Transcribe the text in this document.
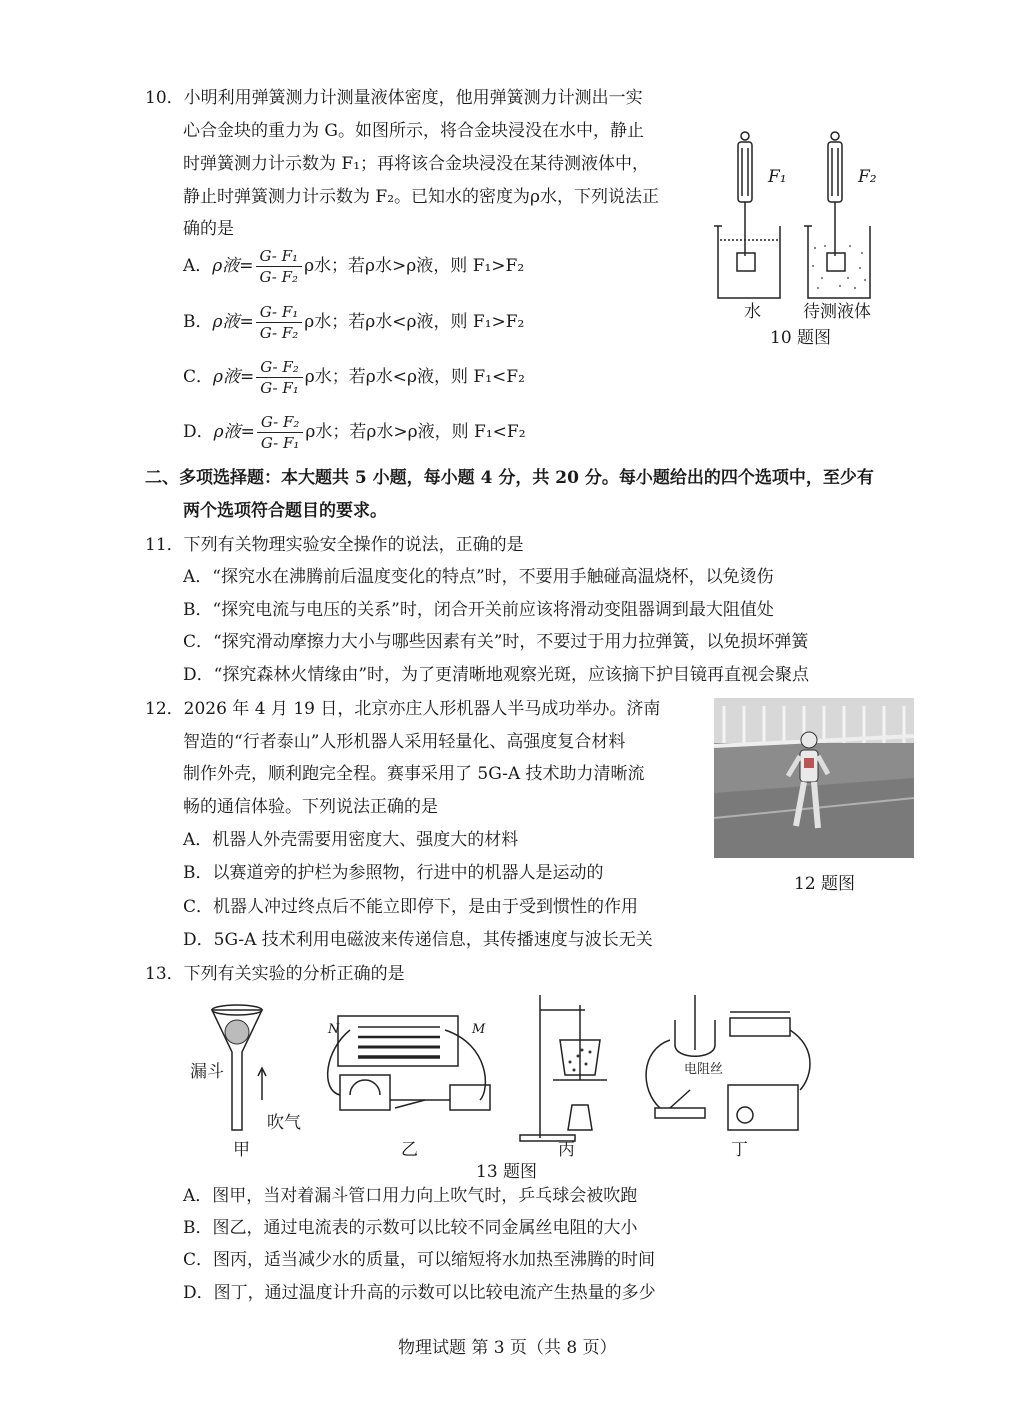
10．小明利用弹簧测力计测量液体密度，他用弹簧测力计测出一实
心合金块的重力为 G。如图所示，将合金块浸没在水中，静止
时弹簧测力计示数为 F₁；再将该合金块浸没在某待测液体中，
静止时弹簧测力计示数为 F₂。已知水的密度为ρ水，下列说法正
确的是
A．ρ液= $\frac{\text{G- F₁}}{\text{G- F₂}}$ ρ水；若ρ水>ρ液，则 F₁>F₂
B．ρ液= $\frac{\text{G- F₁}}{\text{G- F₂}}$ ρ水；若ρ水<ρ液，则 F₁>F₂
C．ρ液= $\frac{\text{G- F₂}}{\text{G- F₁}}$ ρ水；若ρ水<ρ液，则 F₁<F₂
D．ρ液= $\frac{\text{G- F₂}}{\text{G- F₁}}$ ρ水；若ρ水>ρ液，则 F₁<F₂
F₁	F₂
水 待测液体
10 题图
二、多项选择题：本大题共 5 小题，每小题 4 分，共 20 分。每小题给出的四个选项中，至少有
两个选项符合题目的要求。
11．下列有关物理实验安全操作的说法，正确的是
A．“探究水在沸腾前后温度变化的特点”时，不要用手触碰高温烧杯，以免烫伤
B．“探究电流与电压的关系”时，闭合开关前应该将滑动变阻器调到最大阻值处
C．“探究滑动摩擦力大小与哪些因素有关”时，不要过于用力拉弹簧，以免损坏弹簧
D．“探究森林火情缘由”时，为了更清晰地观察光斑，应该摘下护目镜再直视会聚点
12．2026 年 4 月 19 日，北京亦庄人形机器人半马成功举办。济南
智造的“行者泰山”人形机器人采用轻量化、高强度复合材料
制作外壳，顺利跑完全程。赛事采用了 5G-A 技术助力清晰流
畅的通信体验。下列说法正确的是
A．机器人外壳需要用密度大、强度大的材料
B．以赛道旁的护栏为参照物，行进中的机器人是运动的
C．机器人冲过终点后不能立即停下，是由于受到惯性的作用
D．5G-A 技术利用电磁波来传递信息，其传播速度与波长无关
12 题图
13．下列有关实验的分析正确的是
漏斗
吹气
N	M
电阻丝
甲	乙	丙	丁
13 题图
A．图甲，当对着漏斗管口用力向上吹气时，乒乓球会被吹跑
B．图乙，通过电流表的示数可以比较不同金属丝电阻的大小
C．图丙，适当减少水的质量，可以缩短将水加热至沸腾的时间
D．图丁，通过温度计升高的示数可以比较电流产生热量的多少
物理试题 第 3 页（共 8 页）
